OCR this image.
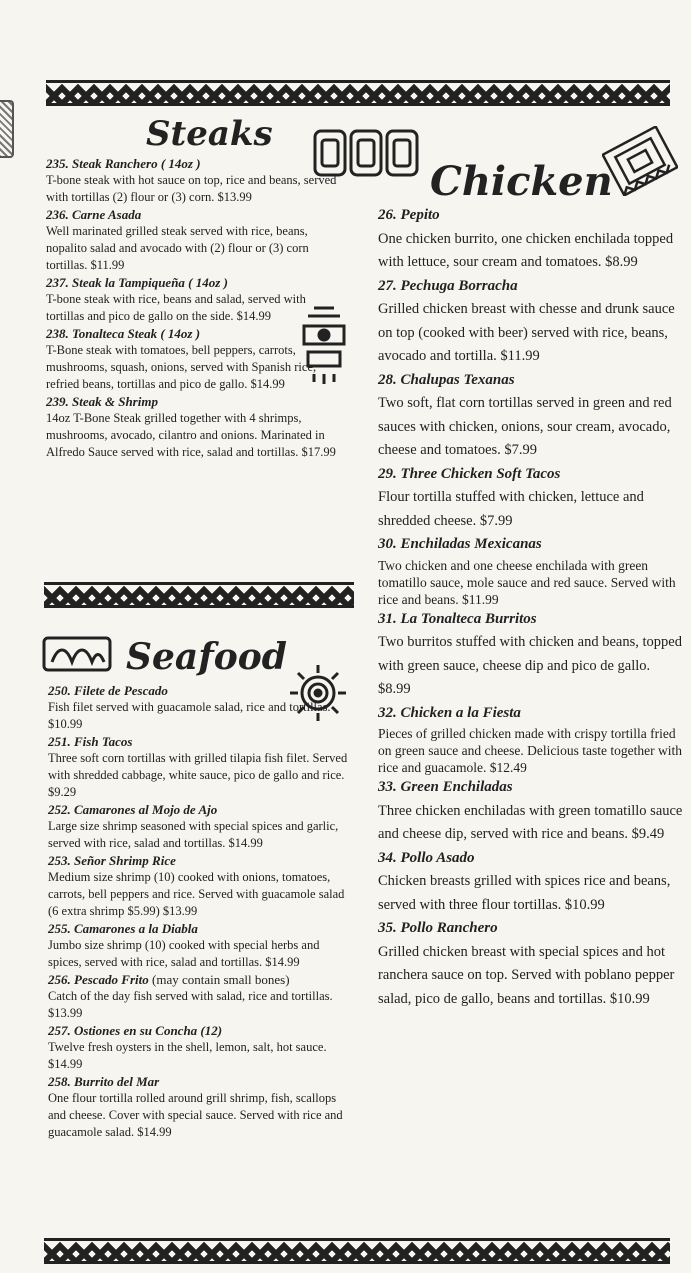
Steaks
235. Steak Ranchero ( 14oz )
T-bone steak with hot sauce on top, rice and beans, served with tortillas (2) flour or (3) corn. $13.99
236. Carne Asada
Well marinated grilled steak served with rice, beans, nopalito salad and avocado with (2) flour or (3) corn tortillas. $11.99
237. Steak la Tampiqueña ( 14oz )
T-bone steak with rice, beans and salad, served with tortillas and pico de gallo on the side. $14.99
238. Tonalteca Steak ( 14oz )
T-Bone steak with tomatoes, bell peppers, carrots, mushrooms, squash, onions, served with Spanish rice, refried beans, tortillas and pico de gallo. $14.99
239. Steak & Shrimp
14oz T-Bone Steak grilled together with 4 shrimps, mushrooms, avocado, cilantro and onions. Marinated in Alfredo Sauce served with rice, salad and tortillas. $17.99
Seafood
250. Filete de Pescado
Fish filet served with guacamole salad, rice and tortillas. $10.99
251. Fish Tacos
Three soft corn tortillas with grilled tilapia fish filet. Served with shredded cabbage, white sauce, pico de gallo and rice. $9.29
252. Camarones al Mojo de Ajo
Large size shrimp seasoned with special spices and garlic, served with rice, salad and tortillas. $14.99
253. Señor Shrimp Rice
Medium size shrimp (10) cooked with onions, tomatoes, carrots, bell peppers and rice. Served with guacamole salad (6 extra shrimp $5.99) $13.99
255. Camarones a la Diabla
Jumbo size shrimp (10) cooked with special herbs and spices, served with rice, salad and tortillas. $14.99
256. Pescado Frito (may contain small bones)
Catch of the day fish served with salad, rice and tortillas. $13.99
257. Ostiones en su Concha (12)
Twelve fresh oysters in the shell, lemon, salt, hot sauce. $14.99
258. Burrito del Mar
One flour tortilla rolled around grill shrimp, fish, scallops and cheese. Cover with special sauce. Served with rice and guacamole salad. $14.99
Chicken
26. Pepito
One chicken burrito, one chicken enchilada topped with lettuce, sour cream and tomatoes. $8.99
27. Pechuga Borracha
Grilled chicken breast with chesse and drunk sauce on top (cooked with beer) served with rice, beans, avocado and tortilla. $11.99
28. Chalupas Texanas
Two soft, flat corn tortillas served in green and red sauces with chicken, onions, sour cream, avocado, cheese and tomatoes. $7.99
29. Three Chicken Soft Tacos
Flour tortilla stuffed with chicken, lettuce and shredded cheese. $7.99
30. Enchiladas Mexicanas
Two chicken and one cheese enchilada with green tomatillo sauce, mole sauce and red sauce. Served with rice and beans. $11.99
31. La Tonalteca Burritos
Two burritos stuffed with chicken and beans, topped with green sauce, cheese dip and pico de gallo. $8.99
32. Chicken a la Fiesta
Pieces of grilled chicken made with crispy tortilla fried on green sauce and cheese. Delicious taste together with rice and guacamole. $12.49
33. Green Enchiladas
Three chicken enchiladas with green tomatillo sauce and cheese dip, served with rice and beans. $9.49
34. Pollo Asado
Chicken breasts grilled with spices rice and beans, served with three flour tortillas. $10.99
35. Pollo Ranchero
Grilled chicken breast with special spices and hot ranchera sauce on top. Served with poblano pepper salad, pico de gallo, beans and tortillas. $10.99
